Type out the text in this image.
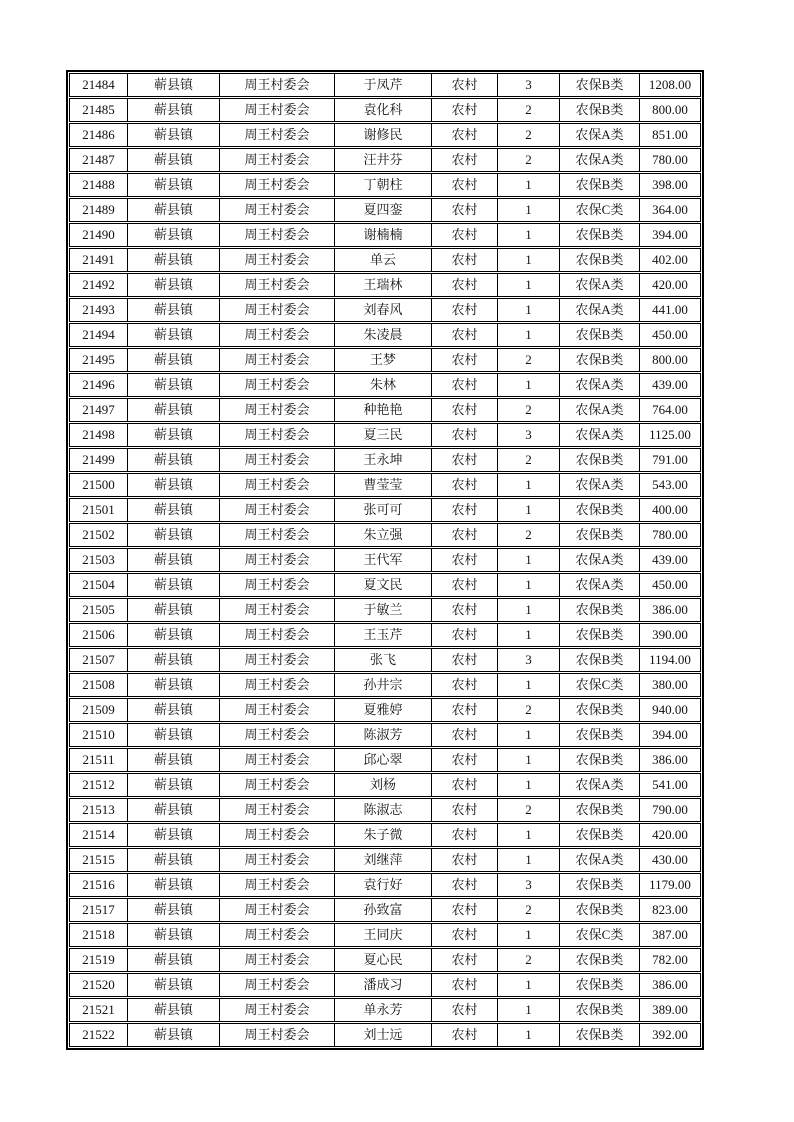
21484	蕲县镇	周王村委会	于凤芹	农村	3	农保B类	1208.00
21485	蕲县镇	周王村委会	袁化科	农村	2	农保B类	800.00
21486	蕲县镇	周王村委会	谢修民	农村	2	农保A类	851.00
21487	蕲县镇	周王村委会	汪井芬	农村	2	农保A类	780.00
21488	蕲县镇	周王村委会	丁朝柱	农村	1	农保B类	398.00
21489	蕲县镇	周王村委会	夏四銮	农村	1	农保C类	364.00
21490	蕲县镇	周王村委会	谢楠楠	农村	1	农保B类	394.00
21491	蕲县镇	周王村委会	单云	农村	1	农保B类	402.00
21492	蕲县镇	周王村委会	王瑞林	农村	1	农保A类	420.00
21493	蕲县镇	周王村委会	刘春风	农村	1	农保A类	441.00
21494	蕲县镇	周王村委会	朱凌晨	农村	1	农保B类	450.00
21495	蕲县镇	周王村委会	王梦	农村	2	农保B类	800.00
21496	蕲县镇	周王村委会	朱林	农村	1	农保A类	439.00
21497	蕲县镇	周王村委会	种艳艳	农村	2	农保A类	764.00
21498	蕲县镇	周王村委会	夏三民	农村	3	农保A类	1125.00
21499	蕲县镇	周王村委会	王永坤	农村	2	农保B类	791.00
21500	蕲县镇	周王村委会	曹莹莹	农村	1	农保A类	543.00
21501	蕲县镇	周王村委会	张可可	农村	1	农保B类	400.00
21502	蕲县镇	周王村委会	朱立强	农村	2	农保B类	780.00
21503	蕲县镇	周王村委会	王代军	农村	1	农保A类	439.00
21504	蕲县镇	周王村委会	夏文民	农村	1	农保A类	450.00
21505	蕲县镇	周王村委会	于敏兰	农村	1	农保B类	386.00
21506	蕲县镇	周王村委会	王玉芹	农村	1	农保B类	390.00
21507	蕲县镇	周王村委会	张飞	农村	3	农保B类	1194.00
21508	蕲县镇	周王村委会	孙井宗	农村	1	农保C类	380.00
21509	蕲县镇	周王村委会	夏雅婷	农村	2	农保B类	940.00
21510	蕲县镇	周王村委会	陈淑芳	农村	1	农保B类	394.00
21511	蕲县镇	周王村委会	邱心翠	农村	1	农保B类	386.00
21512	蕲县镇	周王村委会	刘杨	农村	1	农保A类	541.00
21513	蕲县镇	周王村委会	陈淑志	农村	2	农保B类	790.00
21514	蕲县镇	周王村委会	朱子微	农村	1	农保B类	420.00
21515	蕲县镇	周王村委会	刘继萍	农村	1	农保A类	430.00
21516	蕲县镇	周王村委会	袁行好	农村	3	农保B类	1179.00
21517	蕲县镇	周王村委会	孙致富	农村	2	农保B类	823.00
21518	蕲县镇	周王村委会	王同庆	农村	1	农保C类	387.00
21519	蕲县镇	周王村委会	夏心民	农村	2	农保B类	782.00
21520	蕲县镇	周王村委会	潘成习	农村	1	农保B类	386.00
21521	蕲县镇	周王村委会	单永芳	农村	1	农保B类	389.00
21522	蕲县镇	周王村委会	刘士远	农村	1	农保B类	392.00
